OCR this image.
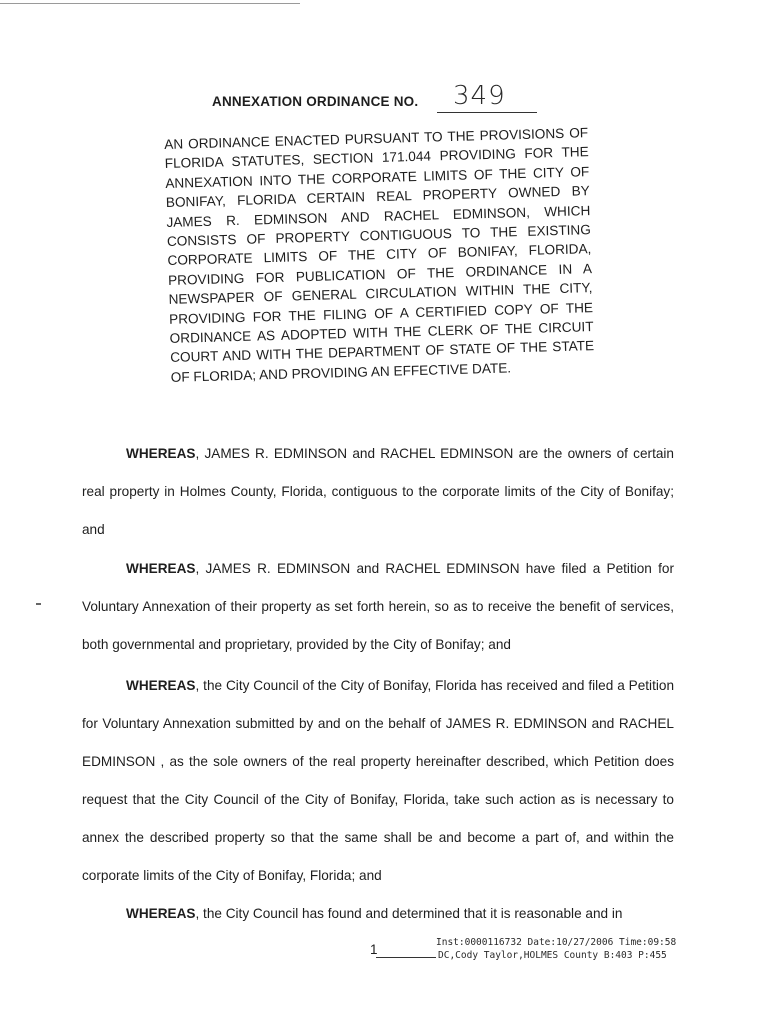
ANNEXATION ORDINANCE NO. 349
AN ORDINANCE ENACTED PURSUANT TO THE PROVISIONS OF FLORIDA STATUTES, SECTION 171.044 PROVIDING FOR THE ANNEXATION INTO THE CORPORATE LIMITS OF THE CITY OF BONIFAY, FLORIDA CERTAIN REAL PROPERTY OWNED BY JAMES R. EDMINSON AND RACHEL EDMINSON, WHICH CONSISTS OF PROPERTY CONTIGUOUS TO THE EXISTING CORPORATE LIMITS OF THE CITY OF BONIFAY, FLORIDA, PROVIDING FOR PUBLICATION OF THE ORDINANCE IN A NEWSPAPER OF GENERAL CIRCULATION WITHIN THE CITY, PROVIDING FOR THE FILING OF A CERTIFIED COPY OF THE ORDINANCE AS ADOPTED WITH THE CLERK OF THE CIRCUIT COURT AND WITH THE DEPARTMENT OF STATE OF THE STATE OF FLORIDA; AND PROVIDING AN EFFECTIVE DATE.
WHEREAS, JAMES R. EDMINSON and RACHEL EDMINSON are the owners of certain real property in Holmes County, Florida, contiguous to the corporate limits of the City of Bonifay; and
WHEREAS, JAMES R. EDMINSON and RACHEL EDMINSON have filed a Petition for Voluntary Annexation of their property as set forth herein, so as to receive the benefit of services, both governmental and proprietary, provided by the City of Bonifay; and
WHEREAS, the City Council of the City of Bonifay, Florida has received and filed a Petition for Voluntary Annexation submitted by and on the behalf of JAMES R. EDMINSON and RACHEL EDMINSON , as the sole owners of the real property hereinafter described, which Petition does request that the City Council of the City of Bonifay, Florida, take such action as is necessary to annex the described property so that the same shall be and become a part of, and within the corporate limits of the City of Bonifay, Florida; and
WHEREAS, the City Council has found and determined that it is reasonable and in
1	Inst:0000116732 Date:10/27/2006 Time:09:58
DC,Cody Taylor,HOLMES County B:403 P:455
